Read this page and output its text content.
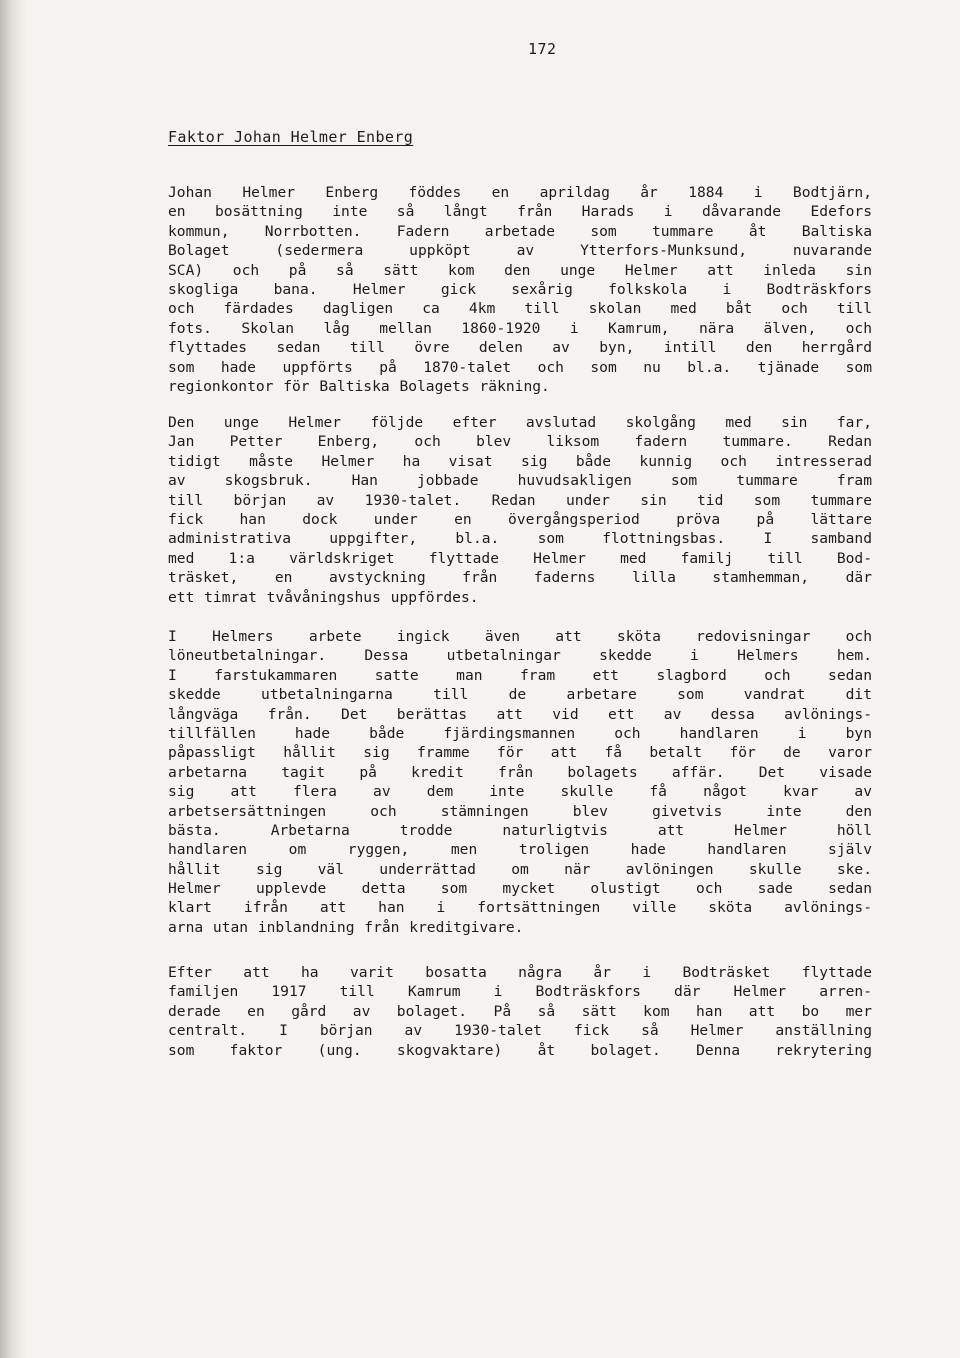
172
Faktor Johan Helmer Enberg
Johan Helmer Enberg föddes en aprildag år 1884 i Bodtjärn,
en bosättning inte så långt från Harads i dåvarande Edefors
kommun, Norrbotten. Fadern arbetade som tummare åt Baltiska
Bolaget (sedermera uppköpt av Ytterfors-Munksund, nuvarande
SCA) och på så sätt kom den unge Helmer att inleda sin
skogliga bana. Helmer gick sexårig folkskola i Bodträskfors
och färdades dagligen ca 4km till skolan med båt och till
fots. Skolan låg mellan 1860-1920 i Kamrum, nära älven, och
flyttades sedan till övre delen av byn, intill den herrgård
som hade uppförts på 1870-talet och som nu bl.a. tjänade som
regionkontor för Baltiska Bolagets räkning.
Den unge Helmer följde efter avslutad skolgång med sin far,
Jan Petter Enberg, och blev liksom fadern tummare. Redan
tidigt måste Helmer ha visat sig både kunnig och intresserad
av skogsbruk. Han jobbade huvudsakligen som tummare fram
till början av 1930-talet. Redan under sin tid som tummare
fick han dock under en övergångsperiod pröva på lättare
administrativa uppgifter, bl.a. som flottningsbas. I samband
med 1:a världskriget flyttade Helmer med familj till Bod-
träsket, en avstyckning från faderns lilla stamhemman, där
ett timrat tvåvåningshus uppfördes.
I Helmers arbete ingick även att sköta redovisningar och
löneutbetalningar. Dessa utbetalningar skedde i Helmers hem.
I farstukammaren satte man fram ett slagbord och sedan
skedde utbetalningarna till de arbetare som vandrat dit
långväga från. Det berättas att vid ett av dessa avlönings-
tillfällen hade både fjärdingsmannen och handlaren i byn
påpassligt hållit sig framme för att få betalt för de varor
arbetarna tagit på kredit från bolagets affär. Det visade
sig att flera av dem inte skulle få något kvar av
arbetsersättningen och stämningen blev givetvis inte den
bästa. Arbetarna trodde naturligtvis att Helmer höll
handlaren om ryggen, men troligen hade handlaren själv
hållit sig väl underrättad om när avlöningen skulle ske.
Helmer upplevde detta som mycket olustigt och sade sedan
klart ifrån att han i fortsättningen ville sköta avlönings-
arna utan inblandning från kreditgivare.
Efter att ha varit bosatta några år i Bodträsket flyttade
familjen 1917 till Kamrum i Bodträskfors där Helmer arren-
derade en gård av bolaget. På så sätt kom han att bo mer
centralt. I början av 1930-talet fick så Helmer anställning
som faktor (ung. skogvaktare) åt bolaget. Denna rekrytering
